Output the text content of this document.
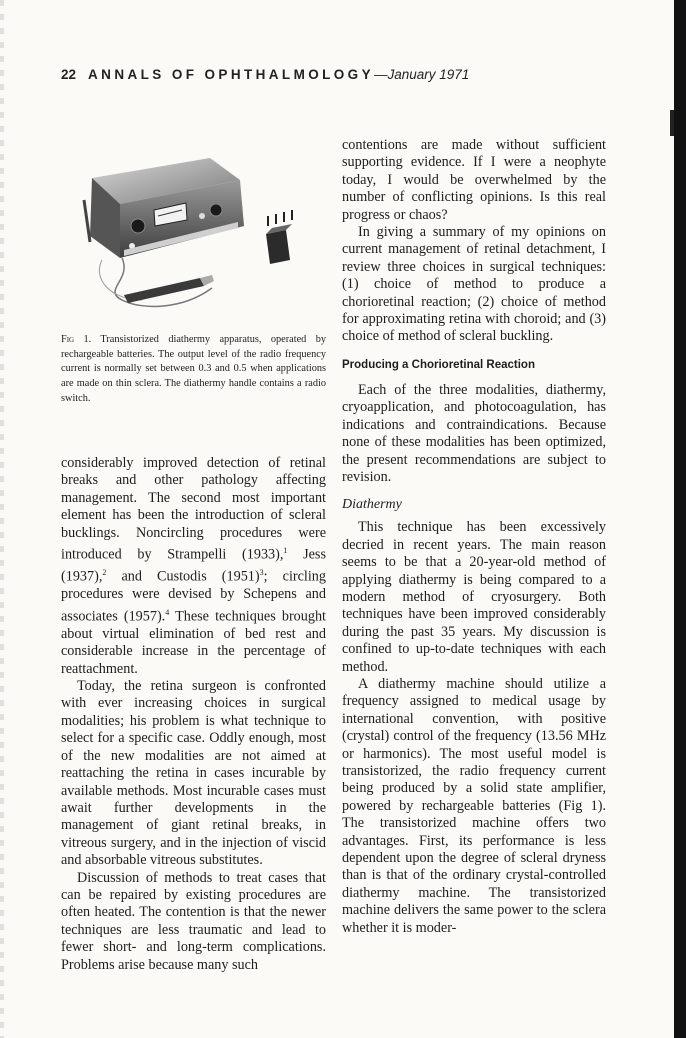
22 ANNALS OF OPHTHALMOLOGY—January 1971
Fig 1. Transistorized diathermy apparatus, operated by rechargeable batteries. The output level of the radio frequency current is normally set between 0.3 and 0.5 when applications are made on thin sclera. The diathermy handle contains a radio switch.

considerably improved detection of retinal breaks and other pathology affecting management. The second most important element has been the introduction of scleral bucklings. Noncircling procedures were introduced by Strampelli (1933),$^1$ Jess (1937),$^2$ and Custodis $(1951)^3$; circling procedures were devised by Schepens and associates (1957).$^4$ These techniques brought about virtual elimination of bed rest and considerable increase in the percentage of reattachment.

Today, the retina surgeon is confronted with ever increasing choices in surgical modalities; his problem is what technique to select for a specific case. Oddly enough, most of the new modalities are not aimed at reattaching the retina in cases incurable by available methods. Most incurable cases must await further developments in the management of giant retinal breaks, in vitreous surgery, and in the injection of viscid and absorbable vitreous substitutes.

Discussion of methods to treat cases that can be repaired by existing procedures are often heated. The contention is that the newer techniques are less traumatic and lead to fewer short- and long-term complications. Problems arise because many such

contentions are made without sufficient supporting evidence. If I were a neophyte today, I would be overwhelmed by the number of conflicting opinions. Is this real progress or chaos?

In giving a summary of my opinions on current management of retinal detachment, I review three choices in surgical techniques: (1) choice of method to produce a chorioretinal reaction; (2) choice of method for approximating retina with choroid; and (3) choice of method of scleral buckling.

Producing a Chorioretinal Reaction

Each of the three modalities, diathermy, cryoapplication, and photocoagulation, has indications and contraindications. Because none of these modalities has been optimized, the present recommendations are subject to revision.

Diathermy

This technique has been excessively decried in recent years. The main reason seems to be that a 20-year-old method of applying diathermy is being compared to a modern method of cryosurgery. Both techniques have been improved considerably during the past 35 years. My discussion is confined to up-to-date techniques with each method.

A diathermy machine should utilize a frequency assigned to medical usage by international convention, with positive (crystal) control of the frequency (13.56 MHz or harmonics). The most useful model is transistorized, the radio frequency current being produced by a solid state amplifier, powered by rechargeable batteries (Fig 1). The transistorized machine offers two advantages. First, its performance is less dependent upon the degree of scleral dryness than is that of the ordinary crystal-controlled diathermy machine. The transistorized machine delivers the same power to the sclera whether it is moder-
